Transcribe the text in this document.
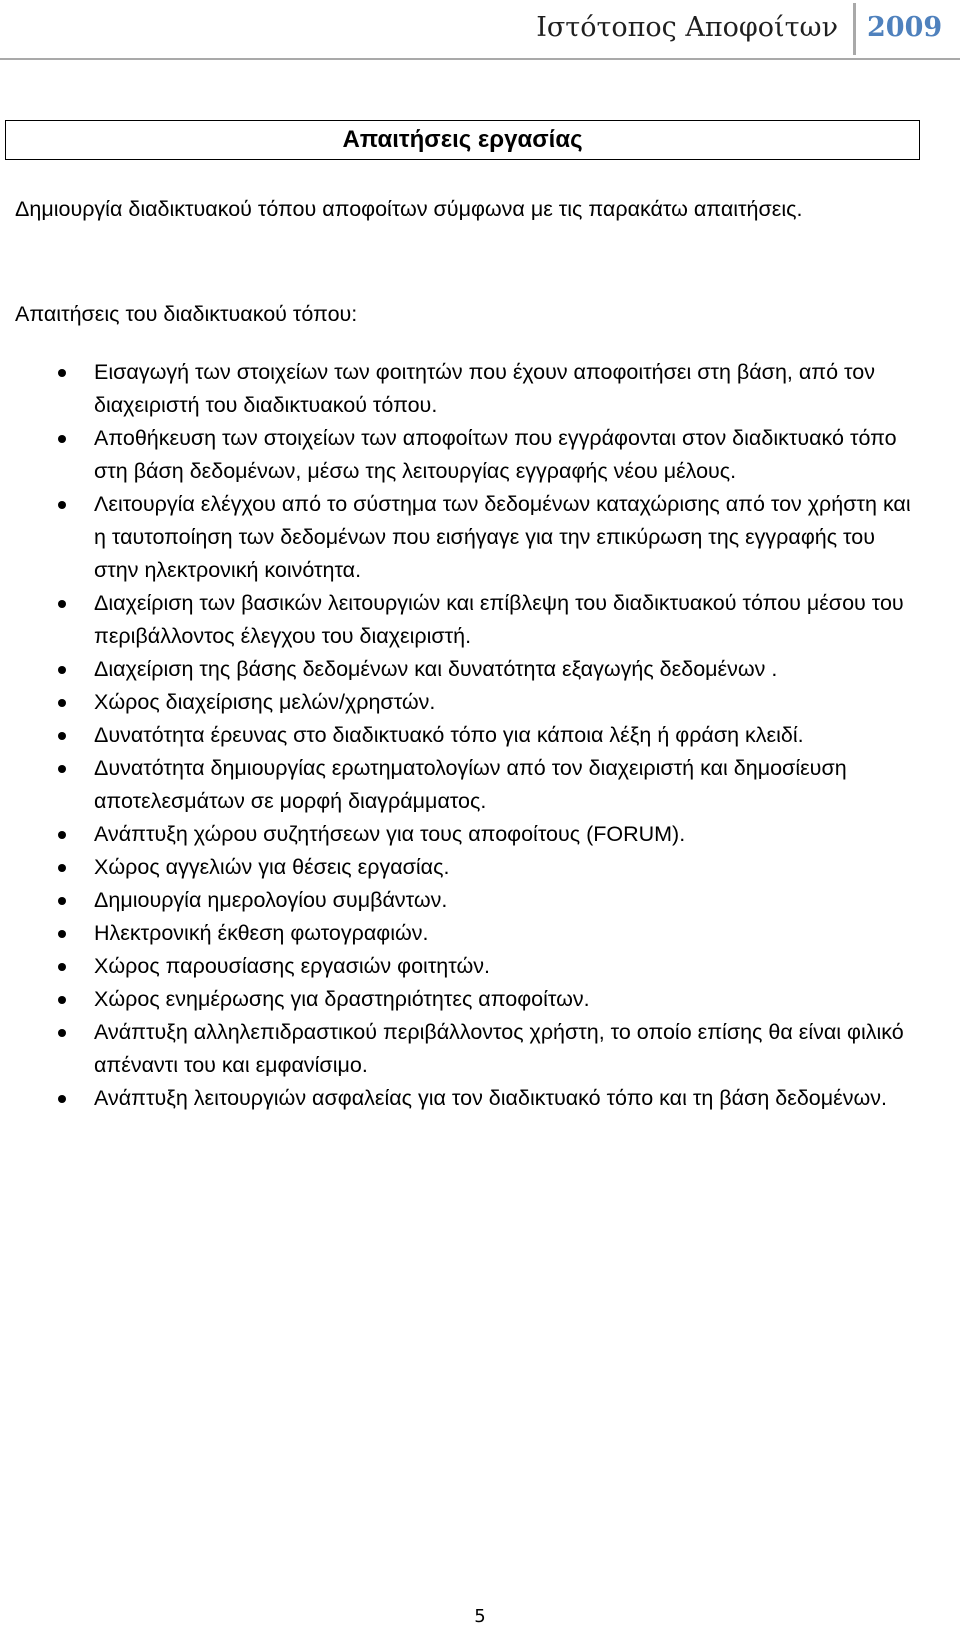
Ιστότοπος Αποφοίτων 2009
Απαιτήσεις εργασίας

Δημιουργία διαδικτυακού τόπου αποφοίτων σύμφωνα με τις παρακάτω απαιτήσεις.

Απαιτήσεις του διαδικτυακού τόπου:

Εισαγωγή των στοιχείων των φοιτητών που έχουν αποφοιτήσει στη βάση, από τον διαχειριστή του διαδικτυακού τόπου.
Αποθήκευση των στοιχείων των αποφοίτων που εγγράφονται στον διαδικτυακό τόπο στη βάση δεδομένων, μέσω της λειτουργίας εγγραφής νέου μέλους.
Λειτουργία ελέγχου από το σύστημα των δεδομένων καταχώρισης από τον χρήστη και η ταυτοποίηση των δεδομένων που εισήγαγε για την επικύρωση της εγγραφής του στην ηλεκτρονική κοινότητα.
Διαχείριση των βασικών λειτουργιών και επίβλεψη του διαδικτυακού τόπου μέσου του περιβάλλοντος έλεγχου του διαχειριστή.
Διαχείριση της βάσης δεδομένων και δυνατότητα εξαγωγής δεδομένων .
Χώρος διαχείρισης μελών/χρηστών.
Δυνατότητα έρευνας στο διαδικτυακό τόπο για κάποια λέξη ή φράση κλειδί.
Δυνατότητα δημιουργίας ερωτηματολογίων από τον διαχειριστή και δημοσίευση αποτελεσμάτων σε μορφή διαγράμματος.
Ανάπτυξη χώρου συζητήσεων για τους αποφοίτους (FORUM).
Χώρος αγγελιών για θέσεις εργασίας.
Δημιουργία ημερολογίου συμβάντων.
Ηλεκτρονική έκθεση φωτογραφιών.
Χώρος παρουσίασης εργασιών φοιτητών.
Χώρος ενημέρωσης για δραστηριότητες αποφοίτων.
Ανάπτυξη αλληλεπιδραστικού περιβάλλοντος χρήστη, το οποίο επίσης θα είναι φιλικό απέναντι του και εμφανίσιμο.
Ανάπτυξη λειτουργιών ασφαλείας για τον διαδικτυακό τόπο και τη βάση δεδομένων.
5
